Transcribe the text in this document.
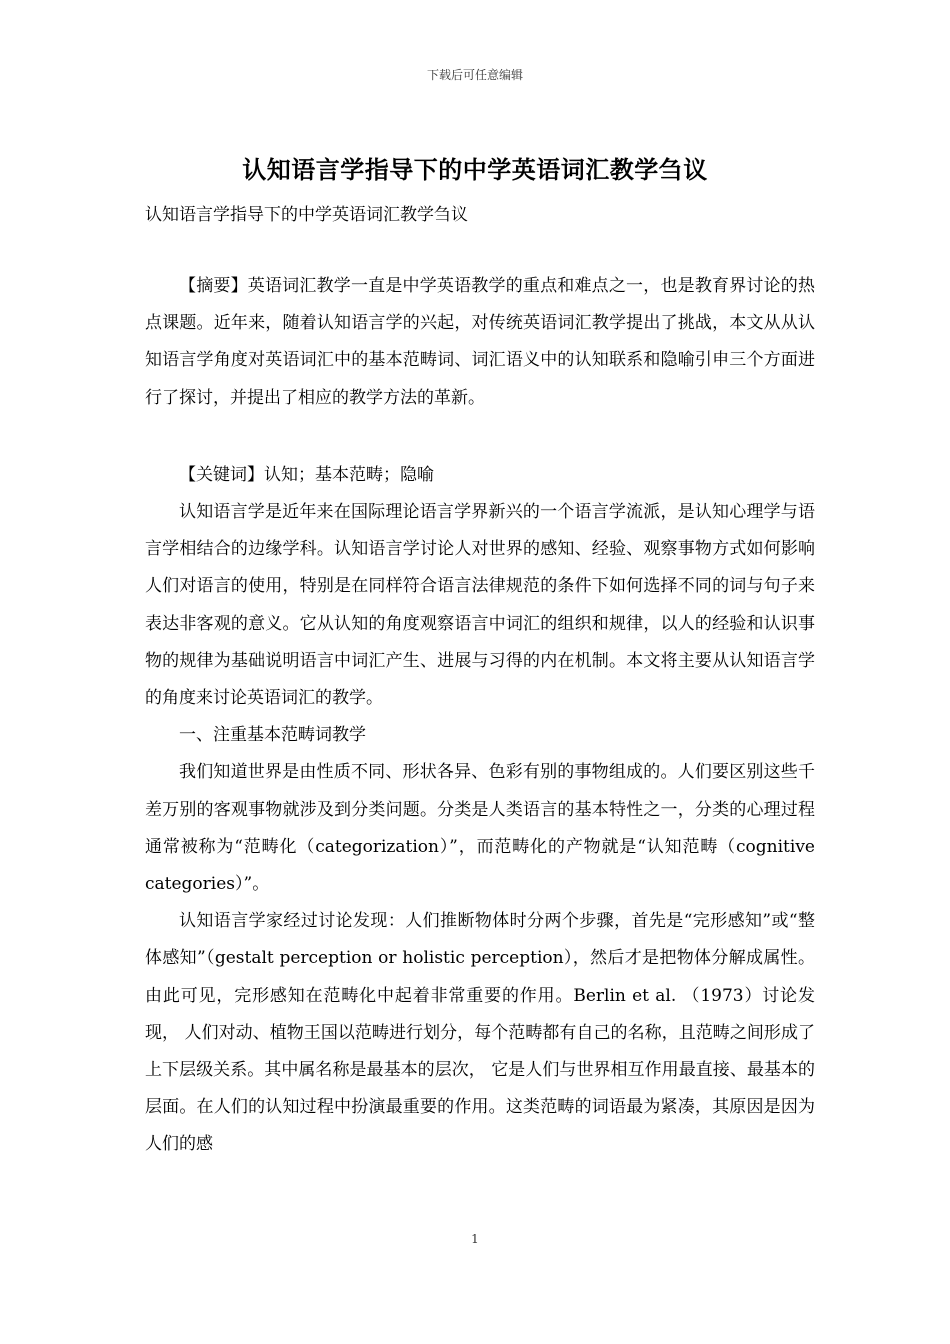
下载后可任意编辑
认知语言学指导下的中学英语词汇教学刍议
认知语言学指导下的中学英语词汇教学刍议

【摘要】英语词汇教学一直是中学英语教学的重点和难点之一，也是教育界讨论的热点课题。近年来，随着认知语言学的兴起，对传统英语词汇教学提出了挑战，本文从从认知语言学角度对英语词汇中的基本范畴词、词汇语义中的认知联系和隐喻引申三个方面进行了探讨，并提出了相应的教学方法的革新。

【关键词】认知；基本范畴；隐喻

认知语言学是近年来在国际理论语言学界新兴的一个语言学流派，是认知心理学与语言学相结合的边缘学科。认知语言学讨论人对世界的感知、经验、观察事物方式如何影响人们对语言的使用，特别是在同样符合语言法律规范的条件下如何选择不同的词与句子来表达非客观的意义。它从认知的角度观察语言中词汇的组织和规律，以人的经验和认识事物的规律为基础说明语言中词汇产生、进展与习得的内在机制。本文将主要从认知语言学的角度来讨论英语词汇的教学。

一、注重基本范畴词教学

我们知道世界是由性质不同、形状各异、色彩有别的事物组成的。人们要区别这些千差万别的客观事物就涉及到分类问题。分类是人类语言的基本特性之一，分类的心理过程通常被称为“范畴化（categorization）”，而范畴化的产物就是“认知范畴（cognitive categories）”。

认知语言学家经过讨论发现：人们推断物体时分两个步骤，首先是“完形感知”或“整体感知”（gestalt perception or holistic perception），然后才是把物体分解成属性。由此可见，完形感知在范畴化中起着非常重要的作用。Berlin et al. （1973）讨论发现， 人们对动、植物王国以范畴进行划分，每个范畴都有自己的名称，且范畴之间形成了上下层级关系。其中属名称是最基本的层次， 它是人们与世界相互作用最直接、最基本的层面。在人们的认知过程中扮演最重要的作用。这类范畴的词语最为紧凑，其原因是因为人们的感

1
